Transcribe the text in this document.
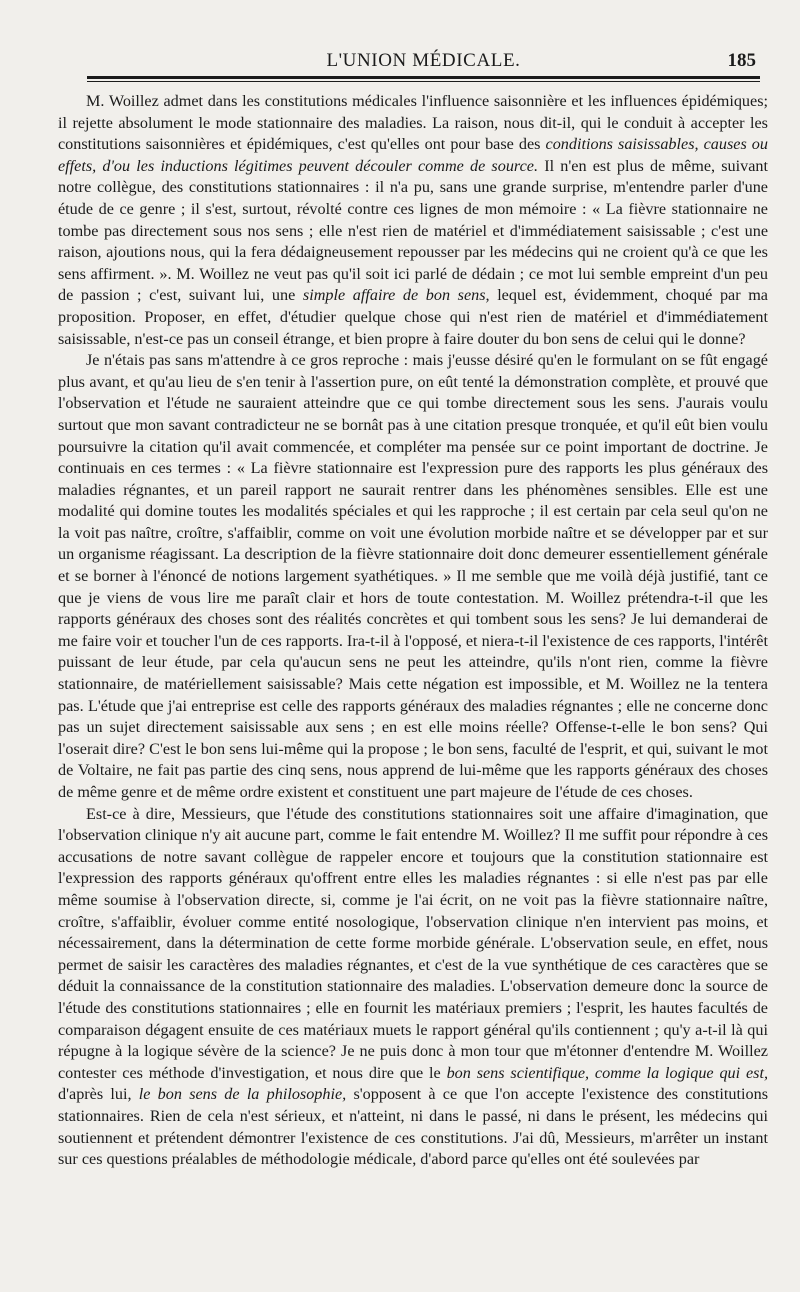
L'UNION MÉDICALE.	185

M. Woillez admet dans les constitutions médicales l'influence saisonnière et les influences épidémiques; il rejette absolument le mode stationnaire des maladies. La raison, nous dit-il, qui le conduit à accepter les constitutions saisonnières et épidémiques, c'est qu'elles ont pour base des conditions saisissables, causes ou effets, d'ou les inductions légitimes peuvent découler comme de source. Il n'en est plus de même, suivant notre collègue, des constitutions stationnaires : il n'a pu, sans une grande surprise, m'entendre parler d'une étude de ce genre ; il s'est, surtout, révolté contre ces lignes de mon mémoire : « La fièvre stationnaire ne tombe pas directement sous nos sens ; elle n'est rien de matériel et d'immédiatement saisissable ; c'est une raison, ajoutions nous, qui la fera dédaigneusement repousser par les médecins qui ne croient qu'à ce que les sens affirment. ». M. Woillez ne veut pas qu'il soit ici parlé de dédain ; ce mot lui semble empreint d'un peu de passion ; c'est, suivant lui, une simple affaire de bon sens, lequel est, évidemment, choqué par ma proposition. Proposer, en effet, d'étudier quelque chose qui n'est rien de matériel et d'immédiatement saisissable, n'est-ce pas un conseil étrange, et bien propre à faire douter du bon sens de celui qui le donne?

Je n'étais pas sans m'attendre à ce gros reproche : mais j'eusse désiré qu'en le formulant on se fût engagé plus avant, et qu'au lieu de s'en tenir à l'assertion pure, on eût tenté la démonstration complète, et prouvé que l'observation et l'étude ne sauraient atteindre que ce qui tombe directement sous les sens. J'aurais voulu surtout que mon savant contradicteur ne se bornât pas à une citation presque tronquée, et qu'il eût bien voulu poursuivre la citation qu'il avait commencée, et compléter ma pensée sur ce point important de doctrine. Je continuais en ces termes : « La fièvre stationnaire est l'expression pure des rapports les plus généraux des maladies régnantes, et un pareil rapport ne saurait rentrer dans les phénomènes sensibles. Elle est une modalité qui domine toutes les modalités spéciales et qui les rapproche ; il est certain par cela seul qu'on ne la voit pas naître, croître, s'affaiblir, comme on voit une évolution morbide naître et se développer par et sur un organisme réagissant. La description de la fièvre stationnaire doit donc demeurer essentiellement générale et se borner à l'énoncé de notions largement syathétiques. » Il me semble que me voilà déjà justifié, tant ce que je viens de vous lire me paraît clair et hors de toute contestation. M. Woillez prétendra-t-il que les rapports généraux des choses sont des réalités concrètes et qui tombent sous les sens? Je lui demanderai de me faire voir et toucher l'un de ces rapports. Ira-t-il à l'opposé, et niera-t-il l'existence de ces rapports, l'intérêt puissant de leur étude, par cela qu'aucun sens ne peut les atteindre, qu'ils n'ont rien, comme la fièvre stationnaire, de matériellement saisissable? Mais cette négation est impossible, et M. Woillez ne la tentera pas. L'étude que j'ai entreprise est celle des rapports généraux des maladies régnantes ; elle ne concerne donc pas un sujet directement saisissable aux sens ; en est elle moins réelle? Offense-t-elle le bon sens? Qui l'oserait dire? C'est le bon sens lui-même qui la propose ; le bon sens, faculté de l'esprit, et qui, suivant le mot de Voltaire, ne fait pas partie des cinq sens, nous apprend de lui-même que les rapports généraux des choses de même genre et de même ordre existent et constituent une part majeure de l'étude de ces choses.

Est-ce à dire, Messieurs, que l'étude des constitutions stationnaires soit une affaire d'imagination, que l'observation clinique n'y ait aucune part, comme le fait entendre M. Woillez? Il me suffit pour répondre à ces accusations de notre savant collègue de rappeler encore et toujours que la constitution stationnaire est l'expression des rapports généraux qu'offrent entre elles les maladies régnantes : si elle n'est pas par elle même soumise à l'observation directe, si, comme je l'ai écrit, on ne voit pas la fièvre stationnaire naître, croître, s'affaiblir, évoluer comme entité nosologique, l'observation clinique n'en intervient pas moins, et nécessairement, dans la détermination de cette forme morbide générale. L'observation seule, en effet, nous permet de saisir les caractères des maladies régnantes, et c'est de la vue synthétique de ces caractères que se déduit la connaissance de la constitution stationnaire des maladies. L'observation demeure donc la source de l'étude des constitutions stationnaires ; elle en fournit les matériaux premiers ; l'esprit, les hautes facultés de comparaison dégagent ensuite de ces matériaux muets le rapport général qu'ils contiennent ; qu'y a-t-il là qui répugne à la logique sévère de la science? Je ne puis donc à mon tour que m'étonner d'entendre M. Woillez contester ces méthode d'investigation, et nous dire que le bon sens scientifique, comme la logique qui est, d'après lui, le bon sens de la philosophie, s'opposent à ce que l'on accepte l'existence des constitutions stationnaires. Rien de cela n'est sérieux, et n'atteint, ni dans le passé, ni dans le présent, les médecins qui soutiennent et prétendent démontrer l'existence de ces constitutions. J'ai dû, Messieurs, m'arrêter un instant sur ces questions préalables de méthodologie médicale, d'abord parce qu'elles ont été soulevées par
